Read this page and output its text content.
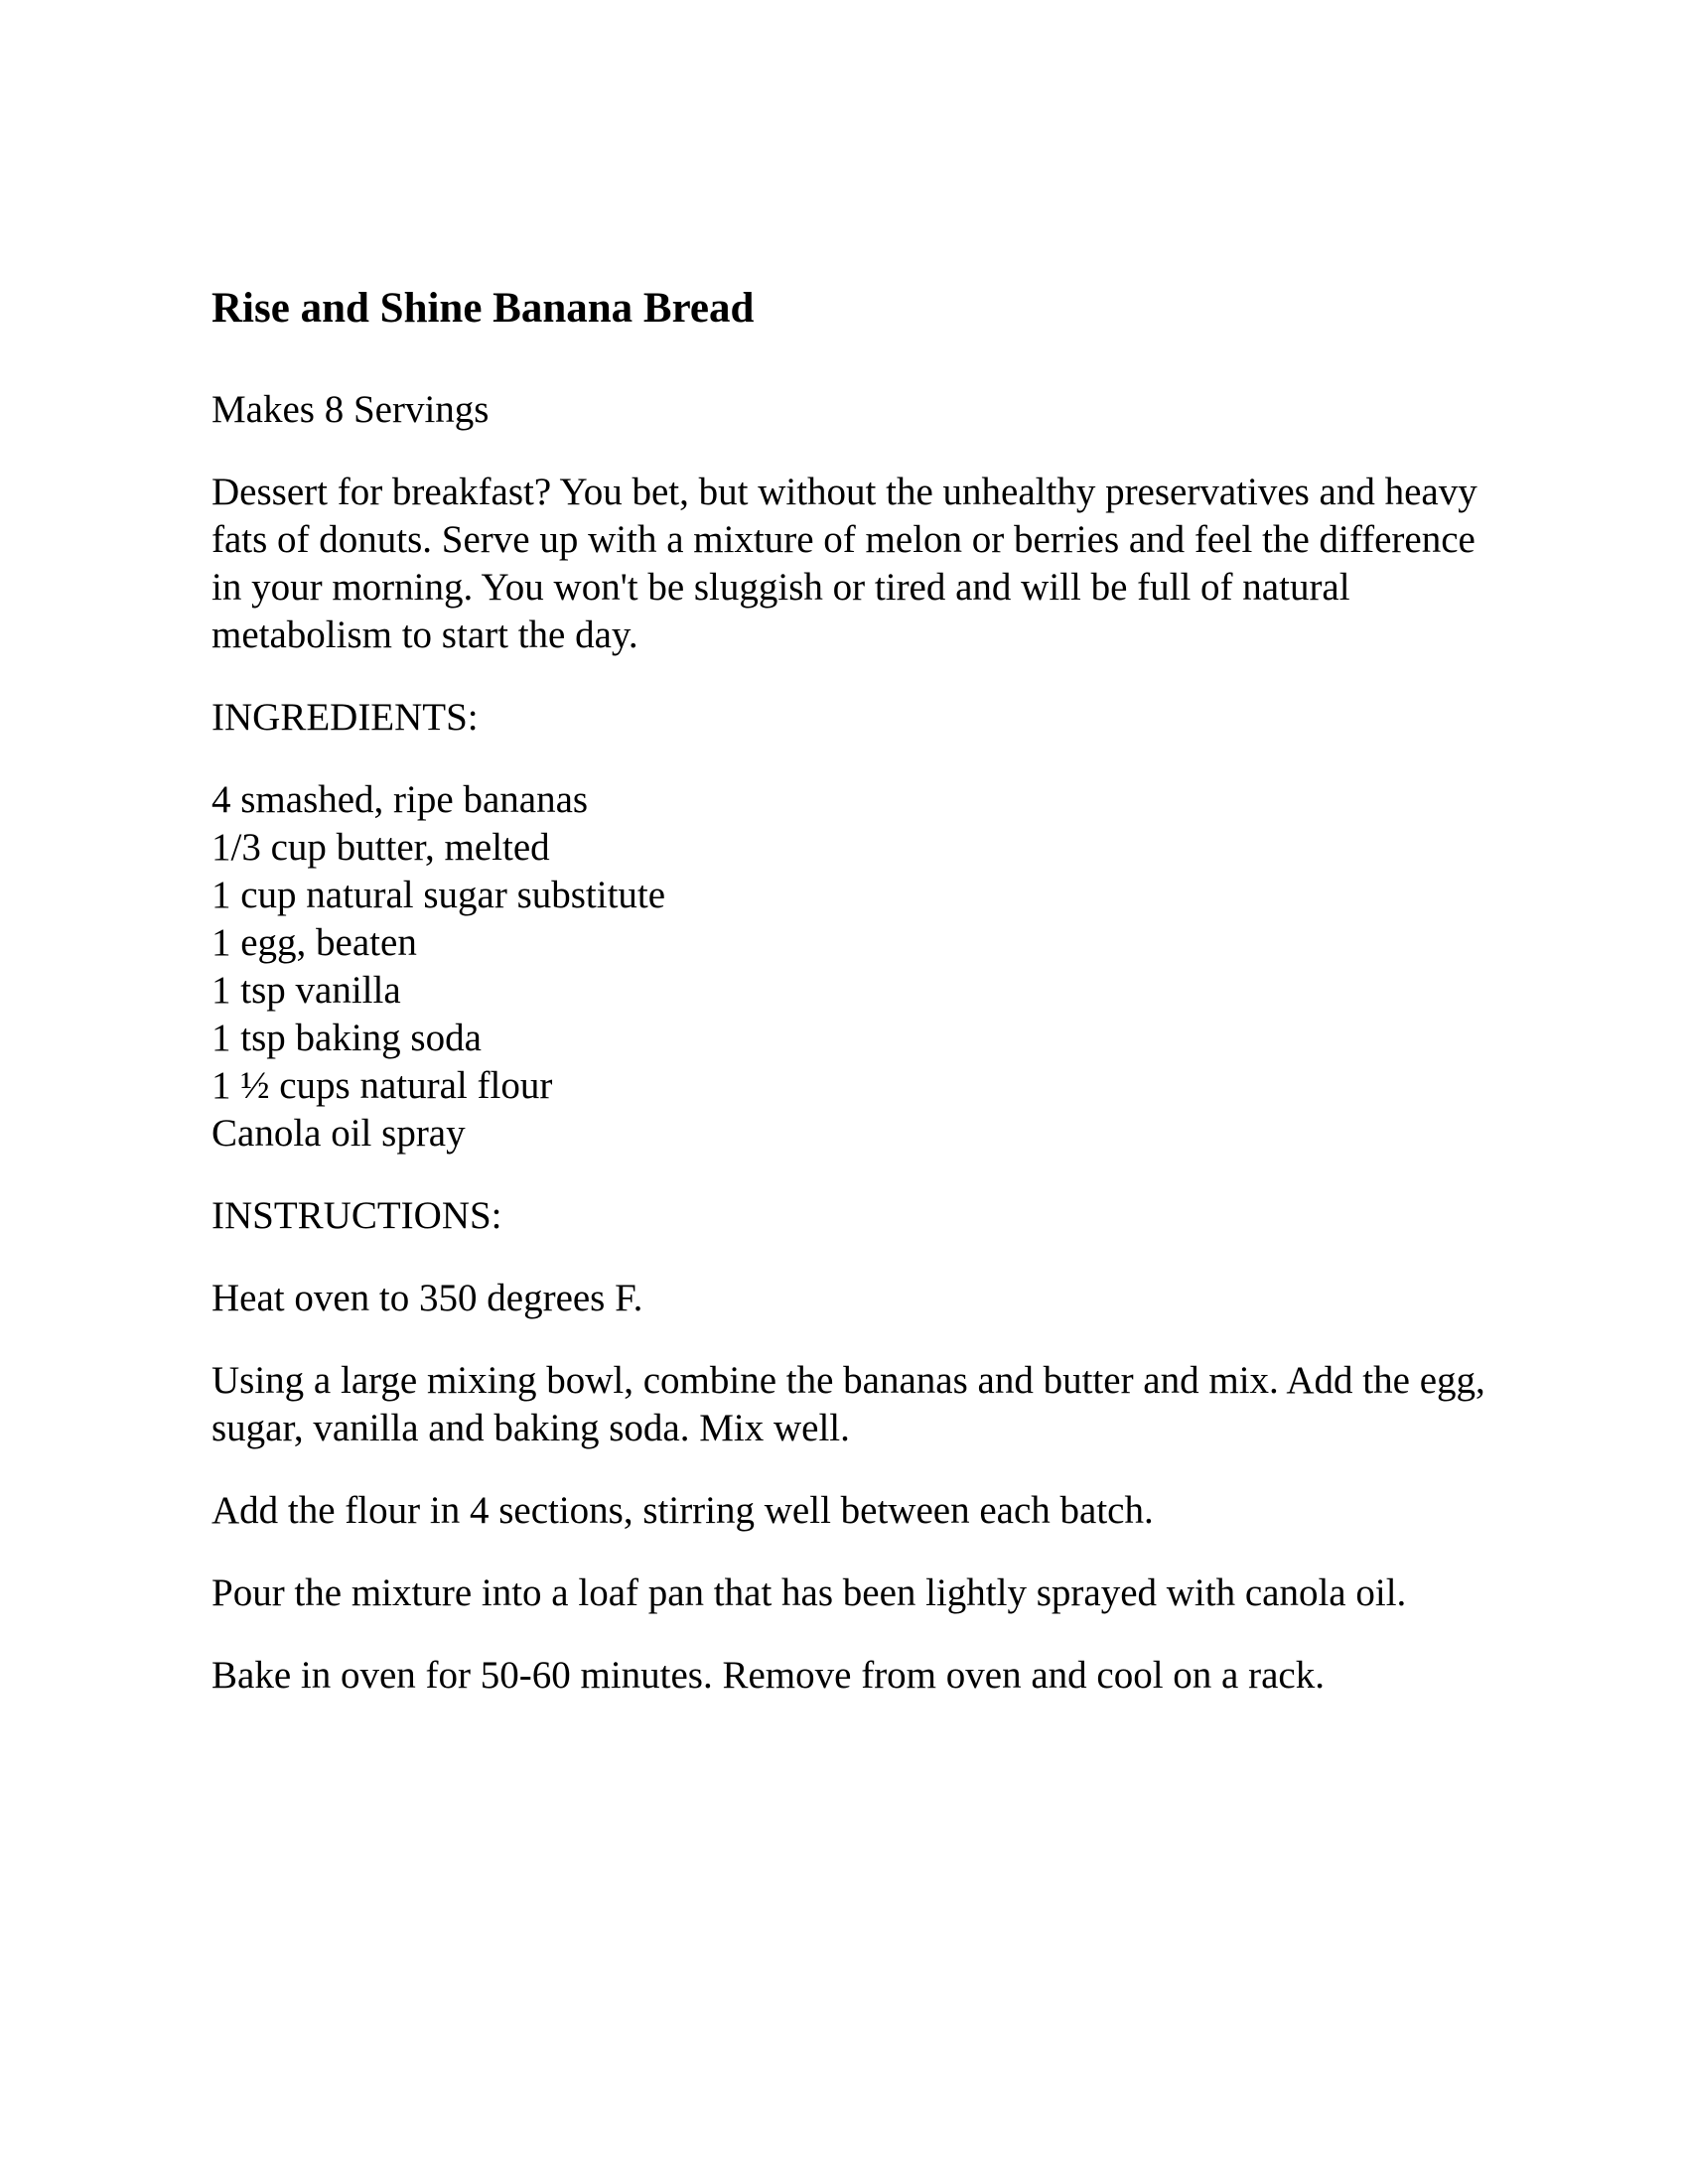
Rise and Shine Banana Bread

Makes 8 Servings

Dessert for breakfast? You bet, but without the unhealthy preservatives and heavy fats of donuts. Serve up with a mixture of melon or berries and feel the difference in your morning. You won't be sluggish or tired and will be full of natural metabolism to start the day.

INGREDIENTS:

4 smashed, ripe bananas
1/3 cup butter, melted
1 cup natural sugar substitute
1 egg, beaten
1 tsp vanilla
1 tsp baking soda
1 ½ cups natural flour
Canola oil spray

INSTRUCTIONS:

Heat oven to 350 degrees F.

Using a large mixing bowl, combine the bananas and butter and mix. Add the egg, sugar, vanilla and baking soda. Mix well.

Add the flour in 4 sections, stirring well between each batch.

Pour the mixture into a loaf pan that has been lightly sprayed with canola oil.

Bake in oven for 50-60 minutes. Remove from oven and cool on a rack.
